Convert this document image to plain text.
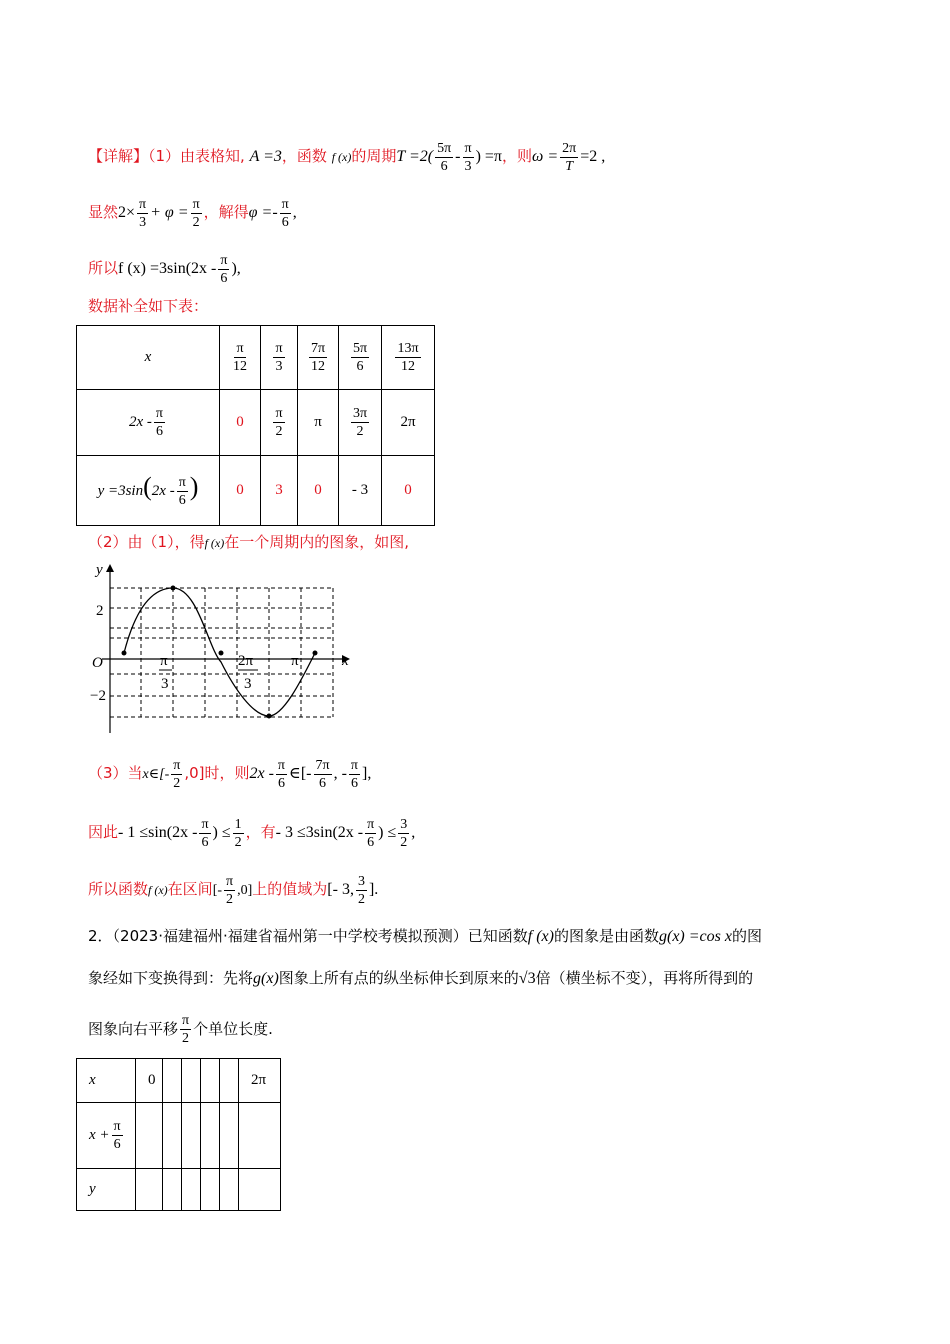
【详解】（1）由表格知, A =3，函数 f (x)的周期$T =2( \frac{5\pi}{6} - \frac{\pi}{3}$ ) =π，则$\omega = \frac{2\pi}{T} =2$ ,
显然$2\times \frac{\pi}{3} + \varphi = \frac{\pi}{2}$ ，解得$\varphi =- \frac{\pi}{6}$ ,
所以f $(x) =3\sin(2x - \frac{\pi}{6}$ ),
数据补全如下表：
x	$\frac{\pi}{12}$	$\frac{\pi}{3}$	$\frac{7\pi}{12}$	$\frac{5\pi}{6}$	$\frac{13\pi}{12}$

$2x - \frac{\pi}{6}$	0	$\frac{\pi}{2}$	π	$\frac{3\pi}{2}$	2π
$y =3\sin(2x - \frac{\pi}{6}$ )	0	3	0	- 3	0
（2）由（1），得f (x)在一个周期内的图象，如图,
y
x
O
2
−2
π
3
2π
3
π
（3）当x∈[- $\frac{\pi}{2} ,0$]时，则$2x - \frac{\pi}{6}$ ∈[- $\frac{7\pi}{6}$ , - $\frac{\pi}{6}$ ],
因此- $1 \le\sin(2x - \frac{\pi}{6}$ ) ≤ $\frac{1}{2}$ ，有- $3 \le 3\sin(2x - \frac{\pi}{6}$ ) ≤ $\frac{3}{2}$ ,
所以函数f (x)在区间[- $\frac{\pi}{2} ,0$]上的值域为[- 3, $\frac{3}{2}$ ].
2．（2023·福建福州·福建省福州第一中学校考模拟预测）已知函数f (x)的图象是由函数g(x) =cos x的图
象经如下变换得到：先将g(x)图象上所有点的纵坐标伸长到原来的√3倍（横坐标不变），再将所得到的
图象向右平移 $\frac{\pi}{2}$ 个单位长度.
x	0					2π
$x + \frac{\pi}{6}$

y						
